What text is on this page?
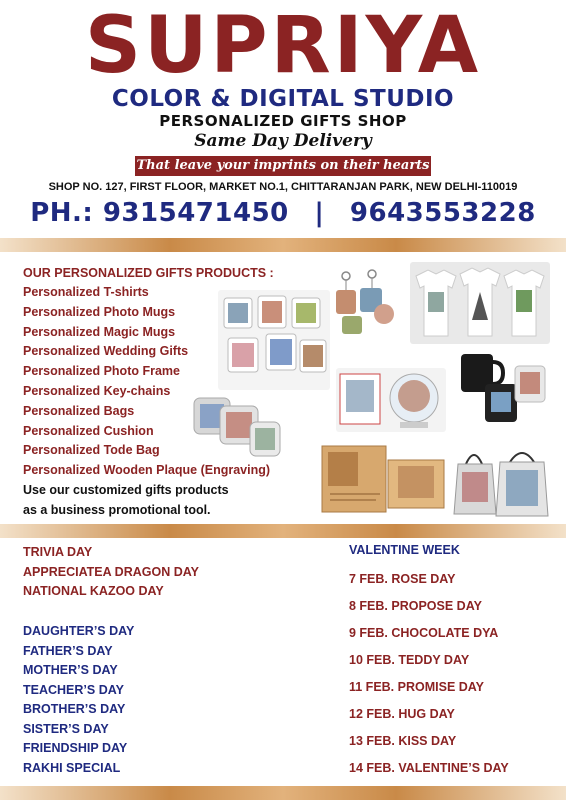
SUPRIYA
COLOR & DIGITAL STUDIO
PERSONALIZED GIFTS SHOP
Same Day Delivery
That leave your imprints on their hearts
SHOP NO. 127, FIRST FLOOR, MARKET NO.1, CHITTARANJAN PARK, NEW DELHI-110019
PH.: 9315471450 | 9643553228
OUR PERSONALIZED GIFTS PRODUCTS :
Personalized T-shirts
Personalized Photo Mugs
Personalized Magic Mugs
Personalized Wedding Gifts
Personalized Photo Frame
Personalized Key-chains
Personalized Bags
Personalized Cushion
Personalized Tode Bag
Personalized Wooden Plaque (Engraving)
Use our customized gifts products
as a business promotional tool.
TRIVIA DAY
APPRECIATEA DRAGON DAY
NATIONAL KAZOO DAY
DAUGHTER’S DAY
FATHER’S DAY
MOTHER’S DAY
TEACHER’S DAY
BROTHER’S DAY
SISTER’S DAY
FRIENDSHIP DAY
RAKHI SPECIAL
VALENTINE WEEK
7 FEB. ROSE DAY
8 FEB. PROPOSE DAY
9 FEB. CHOCOLATE DYA
10 FEB. TEDDY DAY
11 FEB. PROMISE DAY
12 FEB. HUG DAY
13 FEB. KISS DAY
14 FEB. VALENTINE’S DAY
